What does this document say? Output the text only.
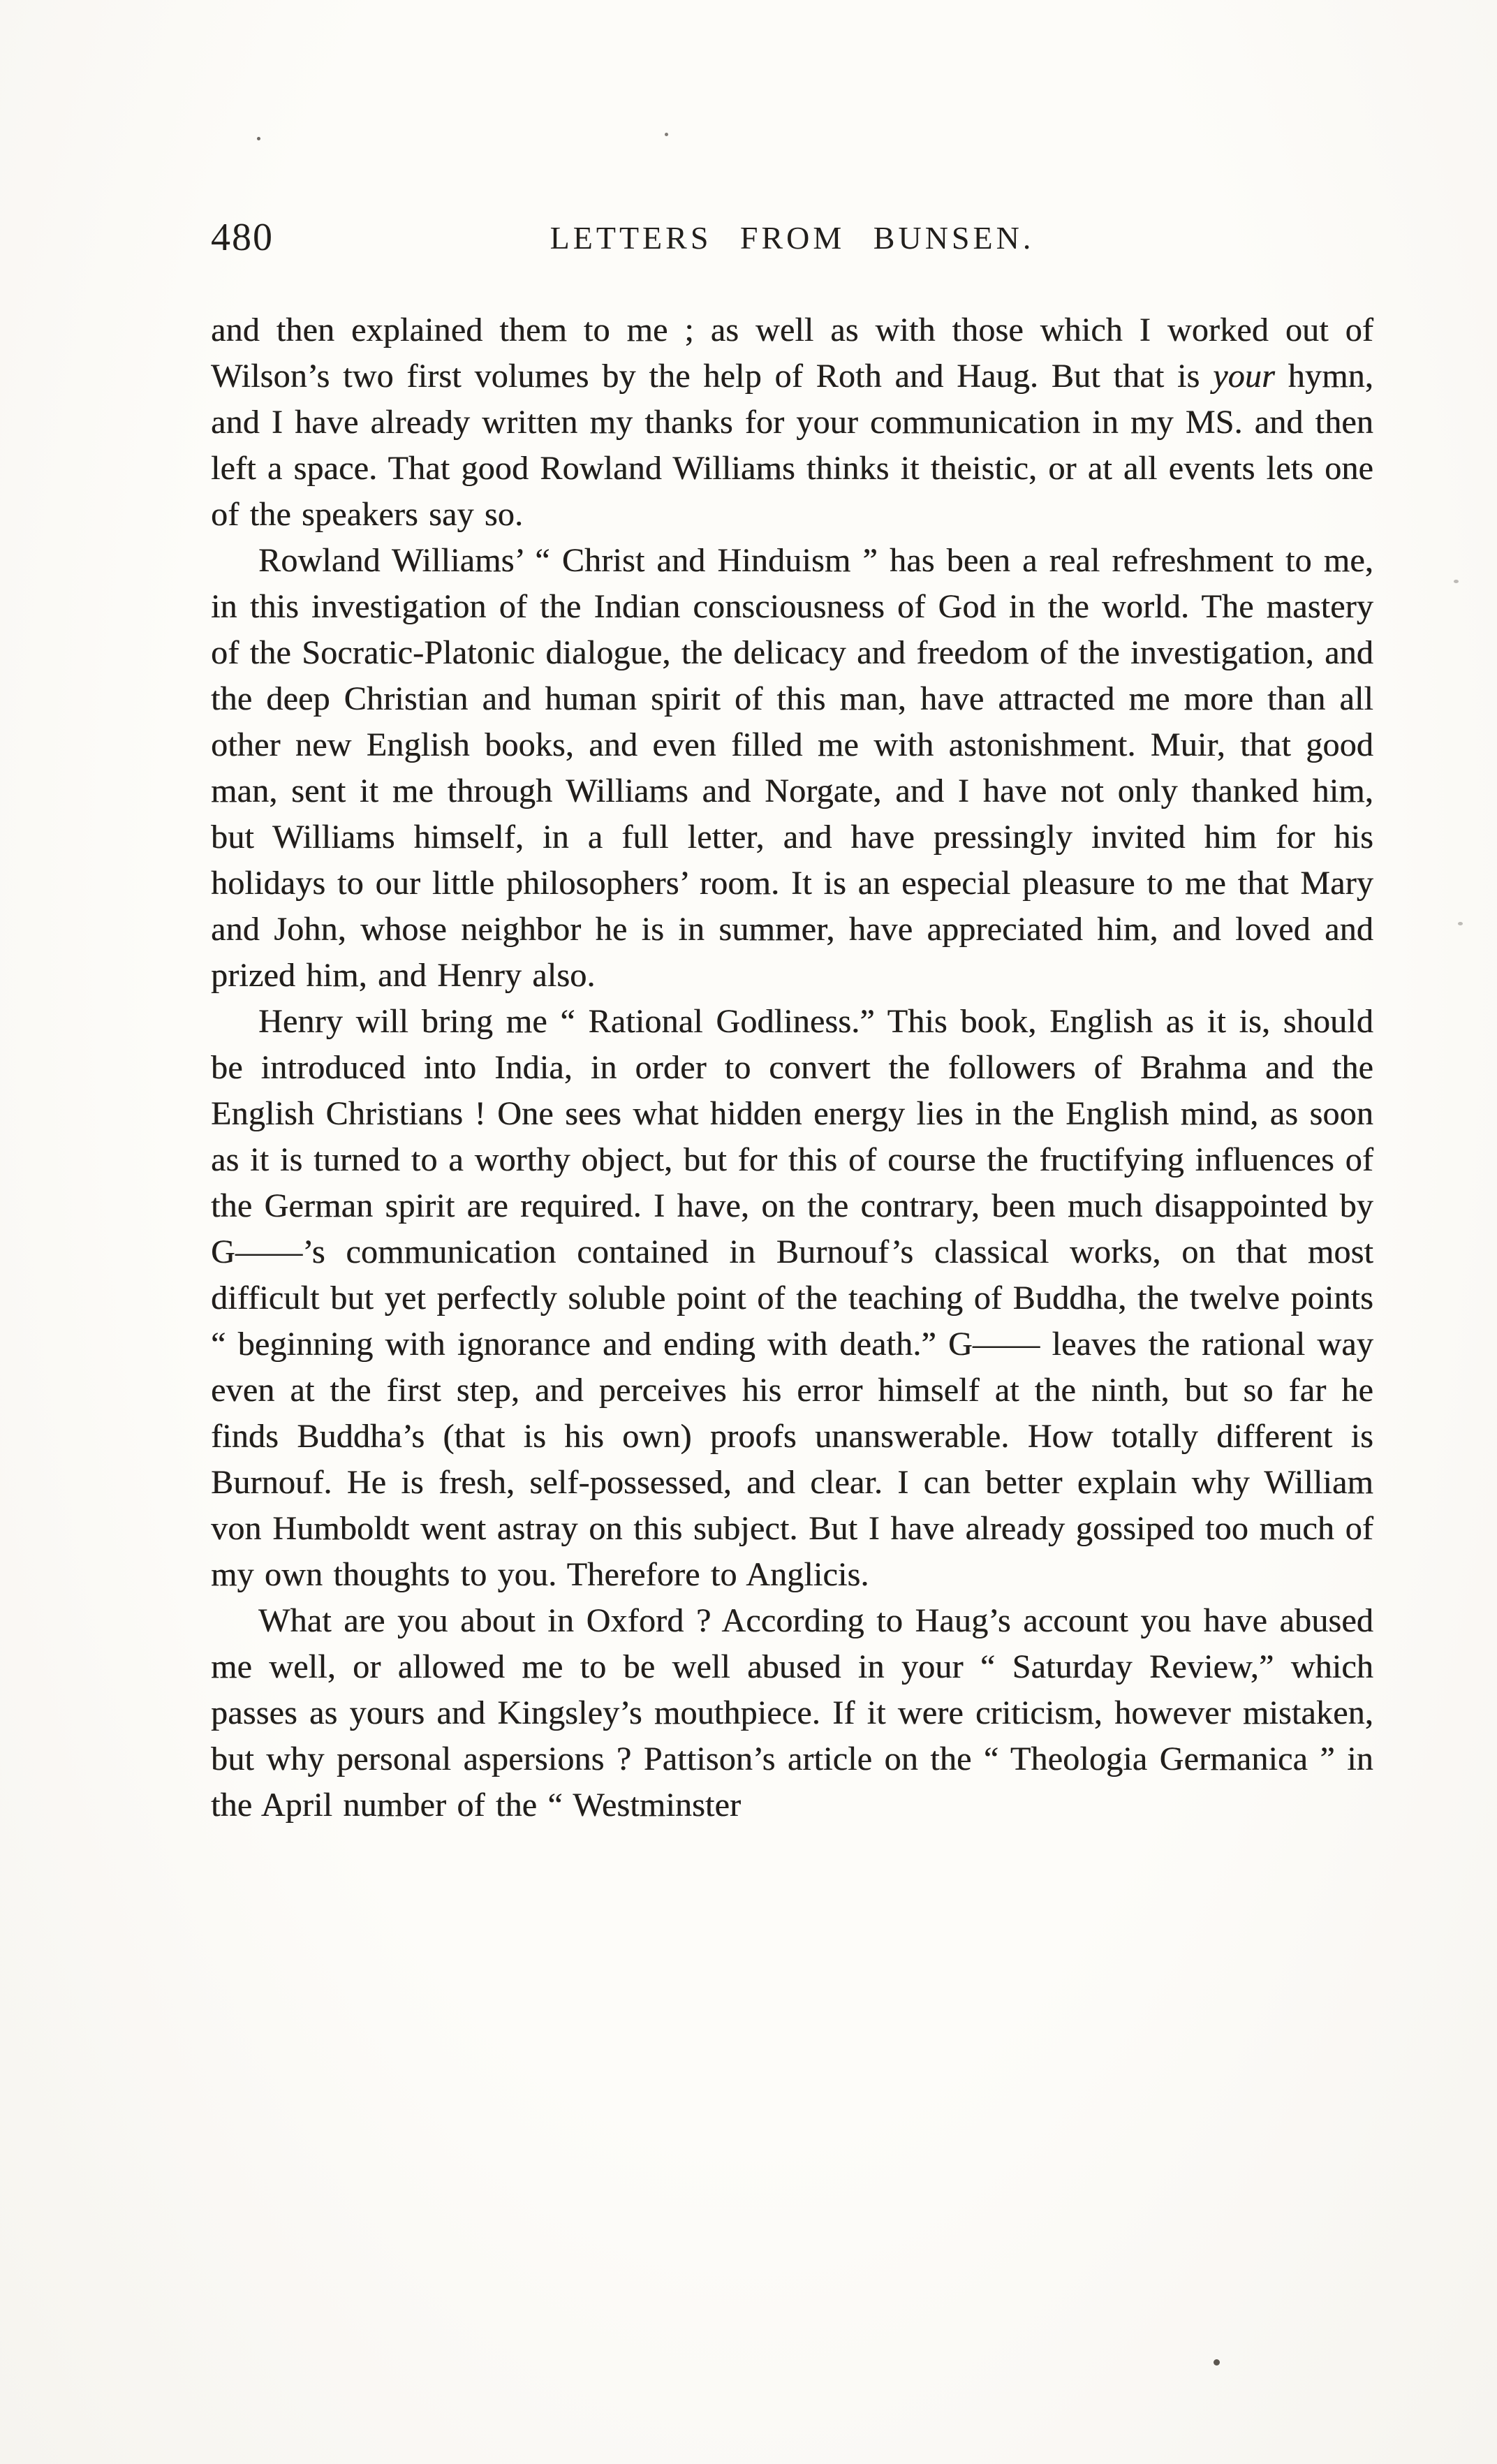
480	LETTERS FROM BUNSEN.

and then explained them to me ; as well as with those which I worked out of Wilson’s two first volumes by the help of Roth and Haug. But that is your hymn, and I have already written my thanks for your communication in my MS. and then left a space. That good Rowland Williams thinks it theistic, or at all events lets one of the speakers say so.

Rowland Williams’ “ Christ and Hinduism ” has been a real refreshment to me, in this investigation of the Indian consciousness of God in the world. The mastery of the Socratic-Platonic dialogue, the delicacy and freedom of the investigation, and the deep Christian and human spirit of this man, have attracted me more than all other new English books, and even filled me with astonishment. Muir, that good man, sent it me through Williams and Norgate, and I have not only thanked him, but Williams himself, in a full letter, and have pressingly invited him for his holidays to our little philosophers’ room. It is an especial pleasure to me that Mary and John, whose neighbor he is in summer, have appreciated him, and loved and prized him, and Henry also.

Henry will bring me “ Rational Godliness.” This book, English as it is, should be introduced into India, in order to convert the followers of Brahma and the English Christians ! One sees what hidden energy lies in the English mind, as soon as it is turned to a worthy object, but for this of course the fructifying influences of the German spirit are required. I have, on the contrary, been much disappointed by G——’s communication contained in Burnouf’s classical works, on that most difficult but yet perfectly soluble point of the teaching of Buddha, the twelve points “ beginning with ignorance and ending with death.” G—— leaves the rational way even at the first step, and perceives his error himself at the ninth, but so far he finds Buddha’s (that is his own) proofs unanswerable. How totally different is Burnouf. He is fresh, self-possessed, and clear. I can better explain why William von Humboldt went astray on this subject. But I have already gossiped too much of my own thoughts to you. Therefore to Anglicis.

What are you about in Oxford ? According to Haug’s account you have abused me well, or allowed me to be well abused in your “ Saturday Review,” which passes as yours and Kingsley’s mouthpiece. If it were criticism, however mistaken, but why personal aspersions ? Pattison’s article on the “ Theologia Germanica ” in the April number of the “ Westminster
